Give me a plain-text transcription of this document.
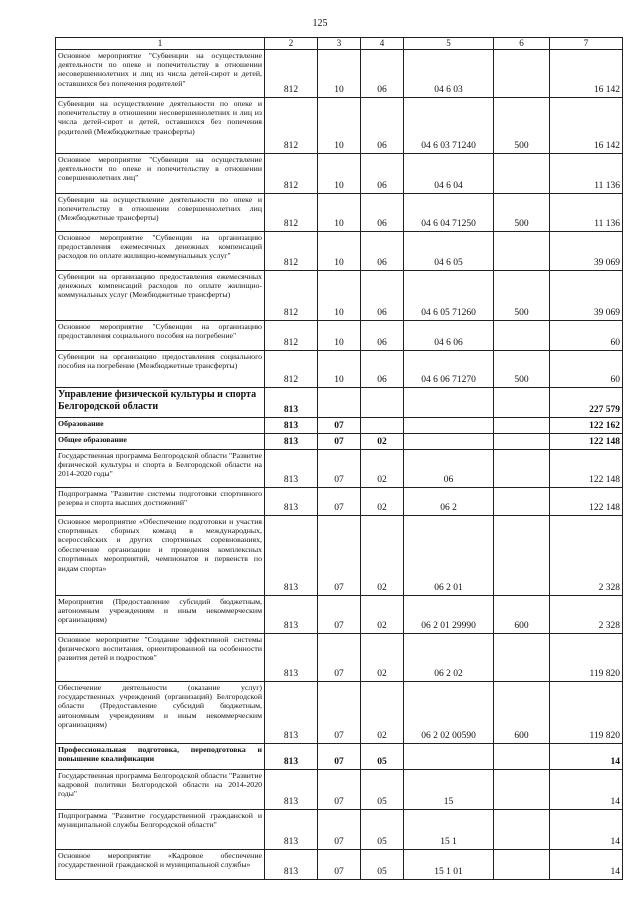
125
1	2	3	4	5	6	7
Основное мероприятие "Субвенции на осуществление деятельности по опеке и попечительству в отношении несовершеннолетних и лиц из числа детей-сирот и детей, оставшихся без попечения родителей"	812	10	06	04 6 03		16 142
Субвенции на осуществление деятельности по опеке и попечительству в отношении несовершеннолетних и лиц из числа детей-сирот и детей, оставшихся без попечения родителей (Межбюджетные трансферты)	812	10	06	04 6 03 71240	500	16 142
Основное мероприятие "Субвенция на осуществление деятельности по опеке и попечительству в отношении совершеннолетних лиц"	812	10	06	04 6 04		11 136
Субвенции на осуществление деятельности по опеке и попечительству в отношении совершеннолетних лиц (Межбюджетные трансферты)	812	10	06	04 6 04 71250	500	11 136
Основное мероприятие "Субвенции на организацию предоставления ежемесячных денежных компенсаций расходов по оплате жилищно-коммунальных услуг"	812	10	06	04 6 05		39 069
Субвенции на организацию предоставления ежемесячных денежных компенсаций расходов по оплате жилищно-коммунальных услуг (Межбюджетные трансферты)	812	10	06	04 6 05 71260	500	39 069
Основное мероприятие "Субвенции на организацию предоставления социального пособия на погребение"	812	10	06	04 6 06		60
Субвенции на организацию предоставления социального пособия на погребение (Межбюджетные трансферты)	812	10	06	04 6 06 71270	500	60
Управление физической культуры и спорта Белгородской области	813					227 579
Образование	813	07				122 162
Общее образование	813	07	02			122 148
Государственная программа Белгородской области "Развитие физической культуры и спорта в Белгородской области на 2014-2020 годы"	813	07	02	06		122 148
Подпрограмма "Развитие системы подготовки спортивного резерва и спорта высших достижений"	813	07	02	06 2		122 148
Основное мероприятие «Обеспечение подготовки и участия спортивных сборных команд в международных, всероссийских и других спортивных соревнованиях, обеспечение организации и проведения комплексных спортивных мероприятий, чемпионатов и первенств по видам спорта»	813	07	02	06 2 01		2 328
Мероприятия (Предоставление субсидий бюджетным, автономным учреждениям и иным некоммерческим организациям)	813	07	02	06 2 01 29990	600	2 328
Основное мероприятие "Создание эффективной системы физического воспитания, ориентированной на особенности развития детей и подростков"	813	07	02	06 2 02		119 820
Обеспечение деятельности (оказание услуг) государственных учреждений (организаций) Белгородской области (Предоставление субсидий бюджетным, автономным учреждениям и иным некоммерческим организациям)	813	07	02	06 2 02 00590	600	119 820
Профессиональная подготовка, переподготовка и повышение квалификации	813	07	05			14
Государственная программа Белгородской области "Развитие кадровой политики Белгородской области на 2014-2020 годы"	813	07	05	15		14
Подпрограмма "Развитие государственной гражданской и муниципальной службы Белгородской области"	813	07	05	15 1		14
Основное мероприятие «Кадровое обеспечение государственной гражданской и муниципальной службы»	813	07	05	15 1 01		14
